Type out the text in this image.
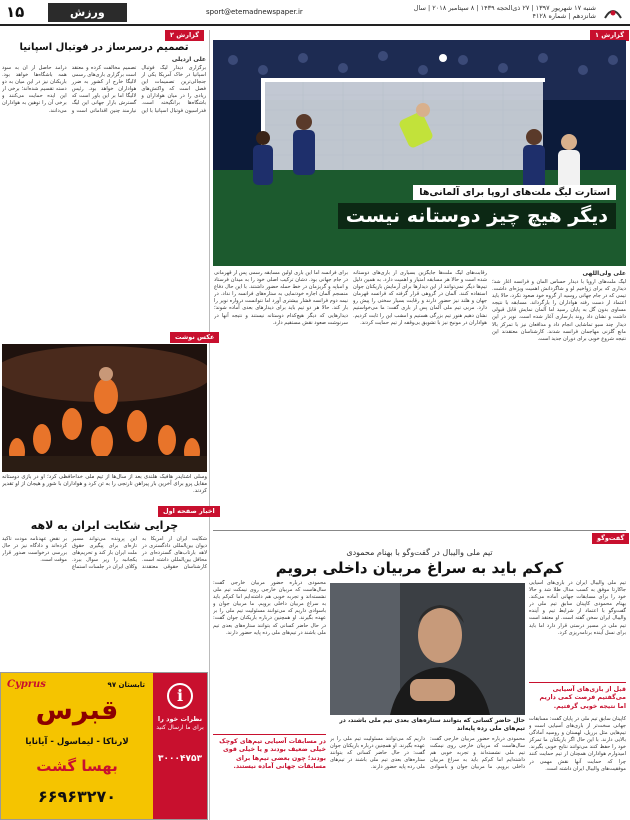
۱۵	ورزش	sport@etemadnewspaper.ir	شنبه ۱۷ شهریور ۱۳۹۷ | ۲۷ ذی‌الحجه ۱۴۳۹ | ۸ سپتامبر ۲۰۱۸ | سال شانزدهم | شماره ۴۱۲۸
گزارش ۲
تصمیم درسرساز در فوتبال اسپانیا
علی اردیلی
برگزاری دیدار لیگ فوتبال اسپانیا در خاک آمریکا یکی از جنجالی‌ترین تصمیمات این فصل است که واکنش‌های زیادی را در میان هواداران و باشگاه‌ها برانگیخته است. فدراسیون فوتبال اسپانیا با این تصمیم مخالفت کرده و معتقد است برگزاری بازی‌های رسمی لالیگا خارج از کشور به ضرر هواداران خواهد بود. رئیس لالیگا اما بر این باور است که گسترش بازار جهانی این لیگ نیازمند چنین اقداماتی است و درآمد حاصل از آن به سود همه باشگاه‌ها خواهد بود. بازیکنان نیز در این میان به دو دسته تقسیم شده‌اند؛ برخی از این ایده حمایت می‌کنند و برخی آن را توهین به هواداران می‌دانند.
عکس نوشت
وسلی اشنایدر هافبک هلندی بعد از سال‌ها از تیم ملی خداحافظی کرد؛ او در بازی دوستانه مقابل پرو برای آخرین بار پیراهن نارنجی را به تن کرد و هواداران با شور و هیجان از او تقدیر کردند.
اخبار صفحه اول
چرایی شکایت ایران به لاهه
شکایت ایران از آمریکا به دیوان بین‌المللی دادگستری در لاهه بازتاب‌های گسترده‌ای در محافل بین‌المللی داشته است. کارشناسان حقوقی معتقدند این پرونده می‌تواند مسیر تازه‌ای برای پیگیری حقوق ملت ایران باز کند و تحریم‌های یکجانبه را زیر سوال ببرد. وکلای ایران در جلسات استماع بر نقض عهدنامه مودت تاکید کرده‌اند و دادگاه نیز در حال بررسی درخواست صدور قرار موقت است.
i
نظرات خود را
برای ما ارسال کنید
۳۰۰۰۴۷۵۳
Cyprus	تابستان ۹۷
قبرس
لارناکا - لیماسول - آیانایا
بهسا گشت
۶۶۹۶۳۲۷۰
گزارش ۱
استارت لیگ ملت‌های اروپا برای آلمانی‌ها
دیگر هیچ چیز دوستانه نیست
علی ولی‌اللهی
لیگ ملت‌های اروپا با دیدار حساس آلمان و فرانسه آغاز شد؛ دیداری که برای ژواخیم لو و شاگردانش اهمیت ویژه‌ای داشت. تیمی که در جام جهانی روسیه از گروه خود صعود نکرد، حالا باید اعتماد از دست رفته هواداران را بازگرداند. مسابقه با نتیجه مساوی بدون گل به پایان رسید اما آلمان نمایش قابل قبولی داشت و نشان داد روند بازسازی آغاز شده است. نویر در این دیدار چند سیو تماشایی انجام داد و مدافعان نیز با تمرکز بالا مانع گلزنی مهاجمان فرانسه شدند. کارشناسان معتقدند این نتیجه شروع خوبی برای دوران جدید است.
رقابت‌های لیگ ملت‌ها جایگزین بسیاری از بازی‌های دوستانه شده است و حالا هر مسابقه امتیاز و اهمیت دارد. به همین دلیل تیم‌ها دیگر نمی‌توانند از این دیدارها برای آزمایش بازیکنان جوان استفاده کنند. آلمان در گروهی قرار گرفته که فرانسه قهرمان جهان و هلند نیز حضور دارند و رقابت بسیار سختی را پیش رو دارد. مربی تیم ملی آلمان پس از بازی گفت: ما می‌خواستیم نشان دهیم هنوز تیم بزرگی هستیم و امشب این را ثابت کردیم. هواداران در مونیخ نیز با تشویق بی‌وقفه از تیم حمایت کردند.
برای فرانسه اما این بازی اولین مسابقه رسمی پس از قهرمانی در جام جهانی بود. دشان ترکیب اصلی خود را به میدان فرستاد و امباپه و گریزمان در خط حمله حضور داشتند. با این حال دفاع منسجم آلمان اجازه خودنمایی به ستاره‌های فرانسه را نداد. در نیمه دوم فرانسه فشار بیشتری آورد اما نتوانست دروازه نویر را باز کند. حالا هر دو تیم باید برای دیدارهای بعدی آماده شوند؛ دیدارهایی که دیگر هیچ‌کدام دوستانه نیستند و نتیجه آنها در سرنوشت صعود نقش مستقیم دارد.
گفت‌وگو
تیم ملی والیبال در گفت‌وگو با بهنام محمودی
کم‌کم باید به سراغ مربیان داخلی برویم
تیم ملی والیبال ایران در بازی‌های آسیایی جاکارتا موفق به کسب مدال طلا شد و حالا خود را برای مسابقات جهانی آماده می‌کند. بهنام محمودی کاپیتان سابق تیم ملی در گفت‌وگو با اعتماد از شرایط تیم و آینده والیبال ایران سخن گفته است. او معتقد است تیم ملی در مسیر درستی قرار دارد اما باید برای نسل آینده برنامه‌ریزی کرد.
قبل از بازی‌های آسیایی می‌گفتیم فرصت کمی داریم اما نتیجه خوبی گرفتیم.
کاپیتان سابق تیم ملی در پایان گفت: مسابقات جهانی سخت‌تر از بازی‌های آسیایی است و تیم‌هایی مثل برزیل، لهستان و روسیه آمادگی بالایی دارند. با این حال اگر بازیکنان ما تمرکز خود را حفظ کنند می‌توانند نتایج خوبی بگیرند. امیدوارم هواداران همچنان از تیم حمایت کنند چرا که حمایت آنها نقش مهمی در موفقیت‌های والیبال ایران داشته است.
حال حاضر کسانی که بتوانند ستاره‌های بعدی تیم ملی باشند، در تیم‌های ملی رده پایه‌اند
محمودی درباره حضور مربیان خارجی گفت: سال‌هاست که مربیان خارجی روی نیمکت تیم ملی نشسته‌اند و تجربه خوبی هم داشته‌ایم اما کم‌کم باید به سراغ مربیان داخلی برویم. ما مربیان جوان و باسوادی داریم که می‌توانند مسئولیت تیم ملی را بر عهده بگیرند. او همچنین درباره بازیکنان جوان گفت: در حال حاضر کسانی که بتوانند ستاره‌های بعدی تیم ملی باشند در تیم‌های ملی رده پایه حضور دارند.
در مسابقات آسیایی تیم‌های کوچک خیلی ضعیف بودند و یا خیلی قوی بودند؛ چون بعضی تیم‌ها برای مسابقات جهانی آماده نیستند.
محمودی درباره حضور مربیان خارجی گفت: سال‌هاست که مربیان خارجی روی نیمکت تیم ملی نشسته‌اند و تجربه خوبی هم داشته‌ایم اما کم‌کم باید به سراغ مربیان داخلی برویم. ما مربیان جوان و باسوادی داریم که می‌توانند مسئولیت تیم ملی را بر عهده بگیرند. او همچنین درباره بازیکنان جوان گفت: در حال حاضر کسانی که بتوانند ستاره‌های بعدی تیم ملی باشند در تیم‌های ملی رده پایه حضور دارند.
